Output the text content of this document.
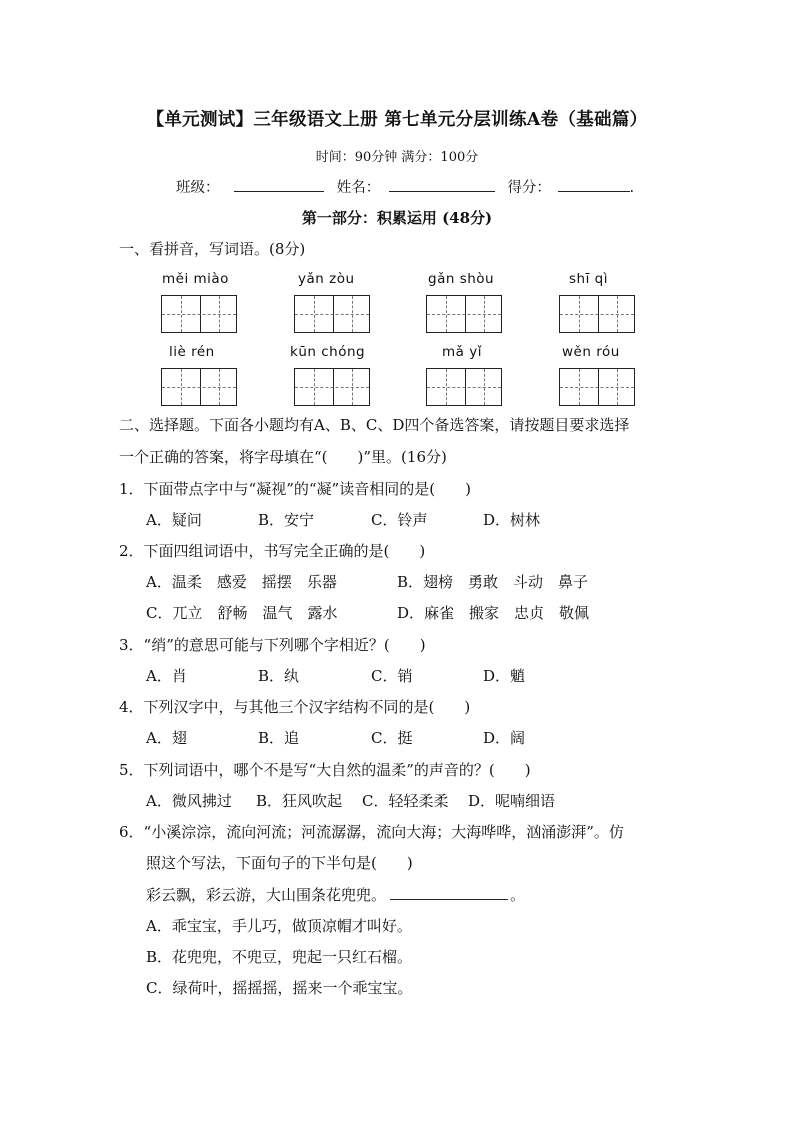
【单元测试】三年级语文上册 第七单元分层训练A卷（基础篇）
时间：90分钟 满分：100分
班级：	姓名：	得分：	.
第一部分：积累运用 (48分)
一、看拼音，写词语。(8分)
měi miào	yǎn zòu	gǎn shòu	shī qì
liè rén	kūn chóng	mǎ yǐ	wěn róu
二、选择题。下面各小题均有A、B、C、D四个备选答案，请按题目要求选择
一个正确的答案，将字母填在“(　　)”里。(16分)
1．下面带点字中与“凝视”的“凝”读音相同的是(　　)
A．疑问	B．安宁	C．铃声	D．树林
2．下面四组词语中，书写完全正确的是(　　)
A．温柔　感爱　摇摆　乐器	B．翅榜　勇敢　斗动　鼻子
C．兀立　舒畅　温气　露水	D．麻雀　搬家　忠贞　敬佩
3．“绡”的意思可能与下列哪个字相近？(　　)
A．肖	B．纨	C．销	D．魈
4．下列汉字中，与其他三个汉字结构不同的是(　　)
A．翅	B．追	C．挺	D．阔
5．下列词语中，哪个不是写“大自然的温柔”的声音的？(　　)
A．微风拂过 B．狂风吹起 C．轻轻柔柔 D．呢喃细语
6．“小溪淙淙，流向河流；河流潺潺，流向大海；大海哗哗，汹涌澎湃”。仿
照这个写法，下面句子的下半句是(　　)
彩云飘，彩云游，大山围条花兜兜。	。
A．乖宝宝，手儿巧，做顶凉帽才叫好。
B．花兜兜，不兜豆，兜起一只红石榴。
C．绿荷叶，摇摇摇，摇来一个乖宝宝。
